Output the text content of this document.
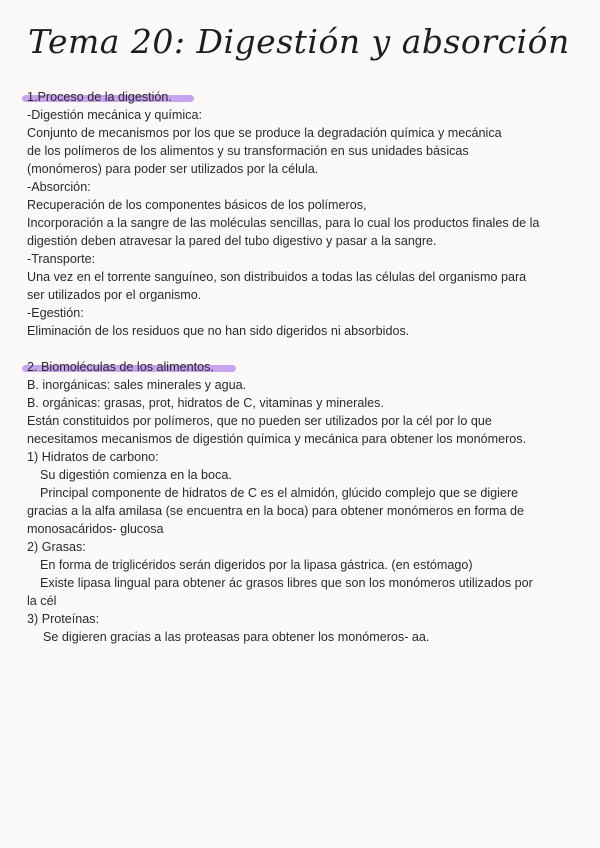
Tema 20: Digestión y absorción
1.Proceso de la digestión.
-Digestión mecánica y química:
Conjunto de mecanismos por los que se produce la degradación química y mecánica
de los polímeros de los alimentos y su transformación en sus unidades básicas
(monómeros) para poder ser utilizados por la célula.
-Absorción:
Recuperación de los componentes básicos de los polímeros,
Incorporación a la sangre de las moléculas sencillas, para lo cual los productos finales de la
digestión deben atravesar la pared del tubo digestivo y pasar a la sangre.
-Transporte:
Una vez en el torrente sanguíneo, son distribuidos a todas las células del organismo para
ser utilizados por el organismo.
-Egestión:
Eliminación de los residuos que no han sido digeridos ni absorbidos.
2. Biomoléculas de los alimentos.
B. inorgánicas: sales minerales y agua.
B. orgánicas: grasas, prot, hidratos de C, vitaminas y minerales.
Están constituidos por polímeros, que no pueden ser utilizados por la cél por lo que
necesitamos mecanismos de digestión química y mecánica para obtener los monómeros.
1) Hidratos de carbono:
Su digestión comienza en la boca.
Principal componente de hidratos de C es el almidón, glúcido complejo que se digiere
gracias a la alfa amilasa (se encuentra en la boca) para obtener monómeros en forma de
monosacáridos- glucosa
2) Grasas:
En forma de triglicéridos serán digeridos por la lipasa gástrica. (en estómago)
Existe lipasa lingual para obtener ác grasos libres que son los monómeros utilizados por
la cél
3) Proteínas:
Se digieren gracias a las proteasas para obtener los monómeros- aa.
